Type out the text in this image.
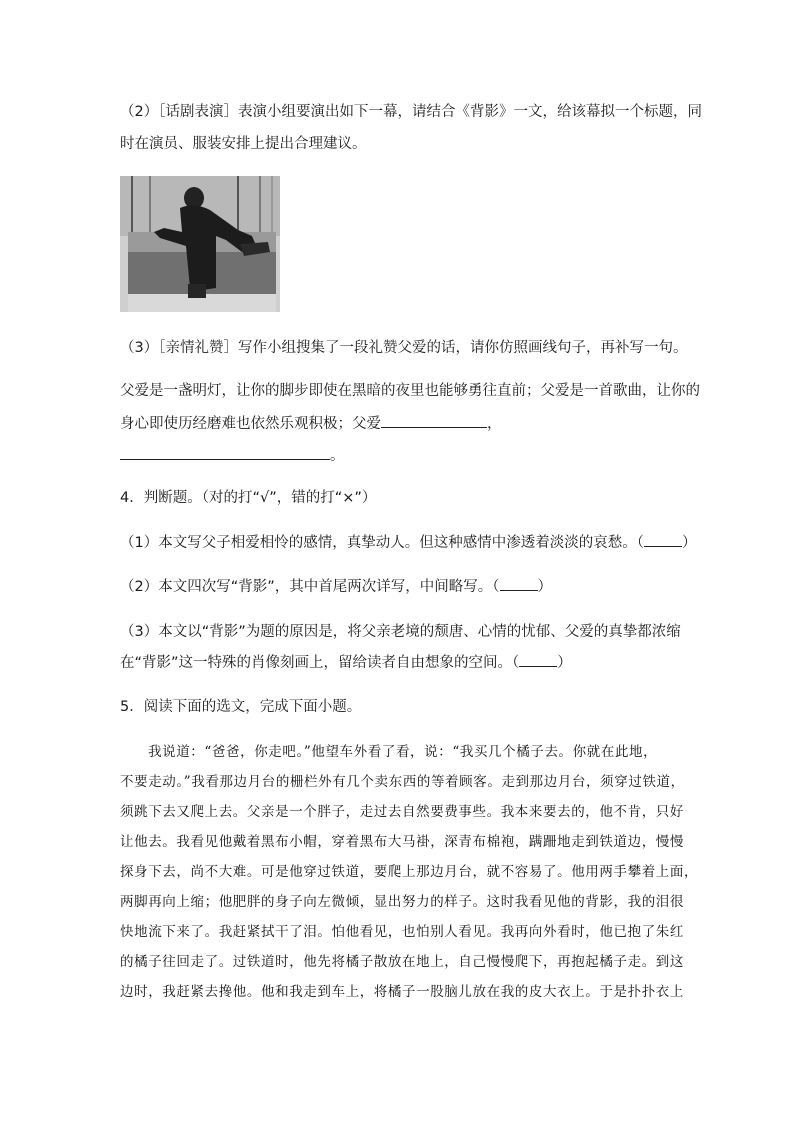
（2）［话剧表演］表演小组要演出如下一幕，请结合《背影》一文，给该幕拟一个标题，同
时在演员、服装安排上提出合理建议。
（3）［亲情礼赞］写作小组搜集了一段礼赞父爱的话，请你仿照画线句子，再补写一句。
父爱是一盏明灯，让你的脚步即使在黑暗的夜里也能够勇往直前；父爱是一首歌曲，让你的
身心即使历经磨难也依然乐观积极；父爱	，
。
4．判断题。（对的打“√”，错的打“×”）
（1）本文写父子相爱相怜的感情，真挚动人。但这种感情中渗透着淡淡的哀愁。（	）
（2）本文四次写“背影”，其中首尾两次详写，中间略写。（	）
（3）本文以“背影”为题的原因是，将父亲老境的颓唐、心情的忧郁、父爱的真挚都浓缩
在“背影”这一特殊的肖像刻画上，留给读者自由想象的空间。（	）
5．阅读下面的选文，完成下面小题。
我说道：“爸爸，你走吧。”他望车外看了看，说：“我买几个橘子去。你就在此地，
不要走动。”我看那边月台的栅栏外有几个卖东西的等着顾客。走到那边月台，须穿过铁道，
须跳下去又爬上去。父亲是一个胖子，走过去自然要费事些。我本来要去的，他不肯，只好
让他去。我看见他戴着黑布小帽，穿着黑布大马褂，深青布棉袍，蹒跚地走到铁道边，慢慢
探身下去，尚不大难。可是他穿过铁道，要爬上那边月台，就不容易了。他用两手攀着上面，
两脚再向上缩；他肥胖的身子向左微倾，显出努力的样子。这时我看见他的背影，我的泪很
快地流下来了。我赶紧拭干了泪。怕他看见，也怕别人看见。我再向外看时，他已抱了朱红
的橘子往回走了。过铁道时，他先将橘子散放在地上，自己慢慢爬下，再抱起橘子走。到这
边时，我赶紧去搀他。他和我走到车上，将橘子一股脑儿放在我的皮大衣上。于是扑扑衣上
